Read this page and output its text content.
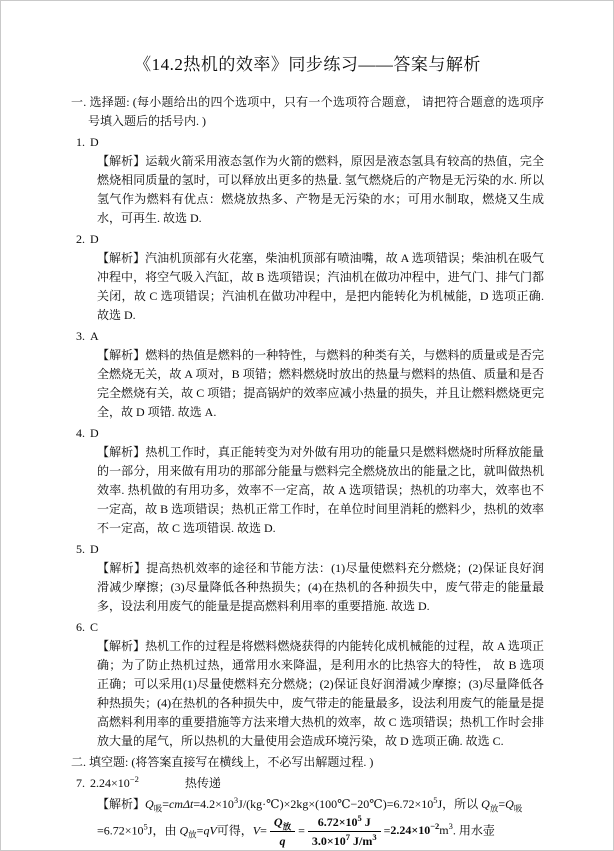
《14.2热机的效率》同步练习——答案与解析

一. 选择题: (每小题给出的四个选项中，只有一个选项符合题意， 请把符合题意的选项序号填入题后的括号内. )

1. D

【解析】运载火箭采用液态氢作为火箭的燃料，原因是液态氢具有较高的热值，完全燃烧相同质量的氢时，可以释放出更多的热量. 氢气燃烧后的产物是无污染的水. 所以氢气作为燃料有优点：燃烧放热多、产物是无污染的水；可用水制取，燃烧又生成水，可再生. 故选 D.

2. D

【解析】汽油机顶部有火花塞，柴油机顶部有喷油嘴，故 A 选项错误；柴油机在吸气冲程中，将空气吸入汽缸，故 B 选项错误；汽油机在做功冲程中，进气门、排气门都关闭，故 C 选项错误；汽油机在做功冲程中，是把内能转化为机械能，D 选项正确. 故选 D.

3. A

【解析】燃料的热值是燃料的一种特性，与燃料的种类有关，与燃料的质量或是否完全燃烧无关，故 A 项对，B 项错；燃料燃烧时放出的热量与燃料的热值、质量和是否完全燃烧有关，故 C 项错；提高锅炉的效率应减小热量的损失，并且让燃料燃烧更完全，故 D 项错. 故选 A.

4. D

【解析】热机工作时，真正能转变为对外做有用功的能量只是燃料燃烧时所释放能量的一部分，用来做有用功的那部分能量与燃料完全燃烧放出的能量之比，就叫做热机效率. 热机做的有用功多，效率不一定高，故 A 选项错误；热机的功率大，效率也不一定高，故 B 选项错误；热机正常工作时，在单位时间里消耗的燃料少，热机的效率不一定高，故 C 选项错误. 故选 D.

5. D

【解析】提高热机效率的途径和节能方法：(1)尽量使燃料充分燃烧；(2)保证良好润滑减少摩擦；(3)尽量降低各种热损失；(4)在热机的各种损失中，废气带走的能量最多，设法利用废气的能量是提高燃料利用率的重要措施. 故选 D.

6. C

【解析】热机工作的过程是将燃料燃烧获得的内能转化成机械能的过程，故 A 选项正确；为了防止热机过热，通常用水来降温，是利用水的比热容大的特性， 故 B 选项正确；可以采用(1)尽量使燃料充分燃烧；(2)保证良好润滑减少摩擦；(3)尽量降低各种热损失；(4)在热机的各种损失中，废气带走的能量最多，设法利用废气的能量是提高燃料利用率的重要措施等方法来增大热机的效率，故 C 选项错误；热机工作时会排放大量的尾气，所以热机的大量使用会造成环境污染，故 D 选项正确. 故选 C.

二. 填空题: (将答案直接写在横线上，不必写出解题过程. )

7. $2.24\times 10^{-2}$	热传递

【解析】$Q_吸=cm\Delta t=4.2\times 10^3J/(kg\cdot℃)\times 2kg\times(100℃-20℃)=6.72\times 10^5J$，所以 $Q_放=Q_吸=6.72\times 10^5J$，由 $Q_放=qV$可得，$V= \frac{Q_放}{q} = \frac{6.72\times 10^5 J}{3.0\times 10^7 J/m^3} =2.24\times 10^{-2}m^3$. 用水壶
